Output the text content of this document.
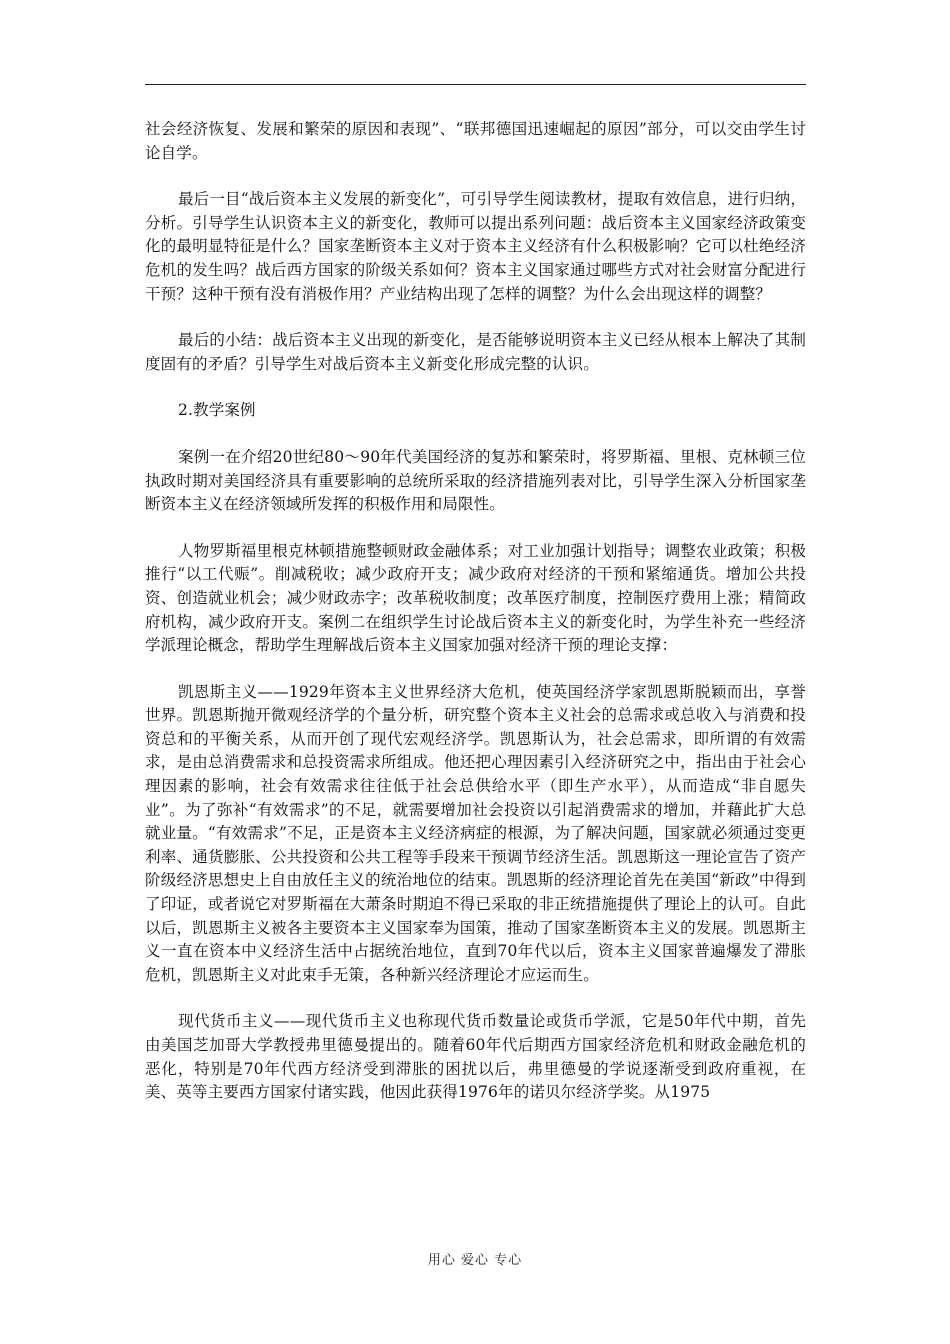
社会经济恢复、发展和繁荣的原因和表现”、“联邦德国迅速崛起的原因”部分，可以交由学生讨论自学。

最后一目“战后资本主义发展的新变化”，可引导学生阅读教材，提取有效信息，进行归纳，分析。引导学生认识资本主义的新变化，教师可以提出系列问题：战后资本主义国家经济政策变化的最明显特征是什么？国家垄断资本主义对于资本主义经济有什么积极影响？它可以杜绝经济危机的发生吗？战后西方国家的阶级关系如何？资本主义国家通过哪些方式对社会财富分配进行干预？这种干预有没有消极作用？产业结构出现了怎样的调整？为什么会出现这样的调整？

最后的小结：战后资本主义出现的新变化，是否能够说明资本主义已经从根本上解决了其制度固有的矛盾？引导学生对战后资本主义新变化形成完整的认识。

2.教学案例

案例一在介绍20世纪80～90年代美国经济的复苏和繁荣时，将罗斯福、里根、克林顿三位执政时期对美国经济具有重要影响的总统所采取的经济措施列表对比，引导学生深入分析国家垄断资本主义在经济领域所发挥的积极作用和局限性。

人物罗斯福里根克林顿措施整顿财政金融体系；对工业加强计划指导；调整农业政策；积极推行“以工代赈”。削减税收；减少政府开支；减少政府对经济的干预和紧缩通货。增加公共投资、创造就业机会；减少财政赤字；改革税收制度；改革医疗制度，控制医疗费用上涨；精简政府机构，减少政府开支。案例二在组织学生讨论战后资本主义的新变化时，为学生补充一些经济学派理论概念，帮助学生理解战后资本主义国家加强对经济干预的理论支撑：

凯恩斯主义——1929年资本主义世界经济大危机，使英国经济学家凯恩斯脱颖而出，享誉世界。凯恩斯抛开微观经济学的个量分析，研究整个资本主义社会的总需求或总收入与消费和投资总和的平衡关系，从而开创了现代宏观经济学。凯恩斯认为，社会总需求，即所谓的有效需求，是由总消费需求和总投资需求所组成。他还把心理因素引入经济研究之中，指出由于社会心理因素的影响，社会有效需求往往低于社会总供给水平（即生产水平），从而造成“非自愿失业”。为了弥补“有效需求”的不足，就需要增加社会投资以引起消费需求的增加，并藉此扩大总就业量。“有效需求”不足，正是资本主义经济病症的根源，为了解决问题，国家就必须通过变更利率、通货膨胀、公共投资和公共工程等手段来干预调节经济生活。凯恩斯这一理论宣告了资产阶级经济思想史上自由放任主义的统治地位的结束。凯恩斯的经济理论首先在美国“新政”中得到了印证，或者说它对罗斯福在大萧条时期迫不得已采取的非正统措施提供了理论上的认可。自此以后，凯恩斯主义被各主要资本主义国家奉为国策，推动了国家垄断资本主义的发展。凯恩斯主义一直在资本中义经济生活中占据统治地位，直到70年代以后，资本主义国家普遍爆发了滞胀危机，凯恩斯主义对此束手无策，各种新兴经济理论才应运而生。

现代货币主义——现代货币主义也称现代货币数量论或货币学派，它是50年代中期，首先由美国芝加哥大学教授弗里德曼提出的。随着60年代后期西方国家经济危机和财政金融危机的恶化，特别是70年代西方经济受到滞胀的困扰以后，弗里德曼的学说逐渐受到政府重视，在美、英等主要西方国家付诸实践，他因此获得1976年的诺贝尔经济学奖。从1975

用心 爱心 专心
